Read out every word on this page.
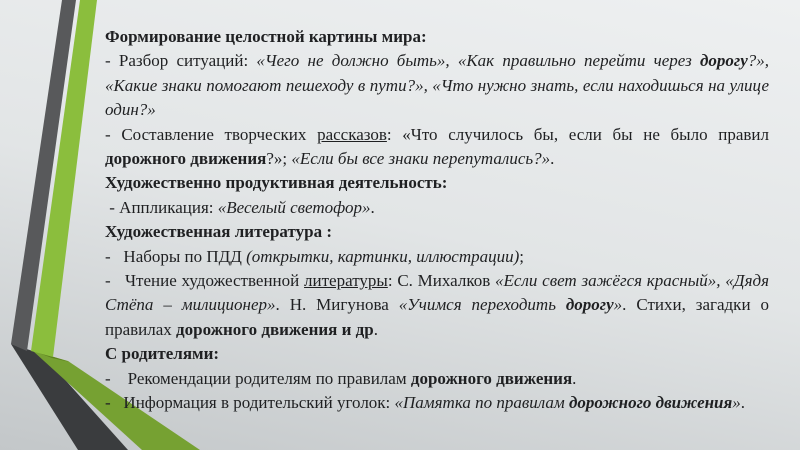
Формирование целостной картины мира:

- Разбор ситуаций: «Чего не должно быть», «Как правильно перейти через дорогу?», «Какие знаки помогают пешеходу в пути?», «Что нужно знать, если находишься на улице один?»

- Составление творческих рассказов: «Что случилось бы, если бы не было правил дорожного движения?»; «Если бы все знаки перепутались?».

Художественно продуктивная деятельность:

- Аппликация: «Веселый светофор».

Художественная литература :

-   Наборы по ПДД (открытки, картинки, иллюстрации);

-   Чтение художественной литературы: С. Михалков «Если свет зажёгся красный», «Дядя Стёпа – милиционер». Н. Мигунова «Учимся переходить дорогу». Стихи, загадки о правилах дорожного движения и др.

С родителями:

-    Рекомендации родителям по правилам дорожного движения.

-   Информация в родительский уголок: «Памятка по правилам дорожного движения».
